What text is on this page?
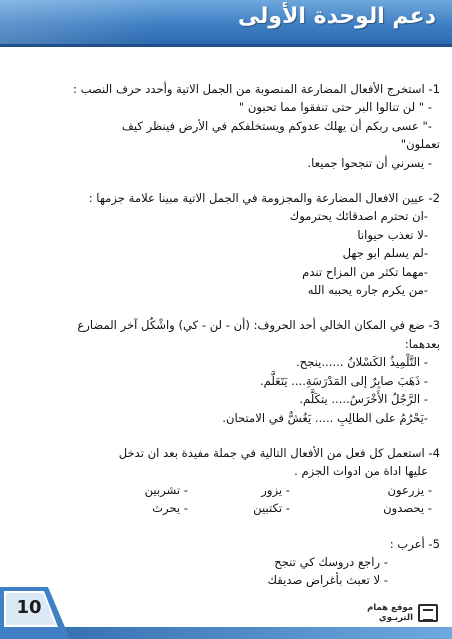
دعم الوحدة الأولى
1- استخرج الأفعال المضارعة المنصوبة من الجمل الاتية وأحدد حرف النصب :
- " لن تنالوا البر حتى تنفقوا مما تحبون "
-" عسى ربكم أن يهلك عدوكم ويستخلفكم في الأرض فينظر كيف
تعملون"
- يسرني أن تنجحوا جميعا.
2- عيين الافعال المضارعة والمجزومة في الجمل الاتية مبينا علامة جزمها :
-ان تحترم اصدقائك يحترموك
-لا تعذب حيوانا
-لم يسلم ابو جهل
-مهما تكثر من المزاح تندم
-من يكرم جاره يحببه الله
3- ضع في المكان الخالي أحد الحروف: (أن - لن - كي) واشْكُل آخر المضارع
بعدهما:
- التَّلْمِيذُ الكَسْلانُ ......ينجح.
- ذَهَبَ صابِرٌ إلى المَدْرَسَةِ.... يَتَعَلَّم.
- الرَّجُلُ الأَخْرَسُ..... يتكَلَّم.
-يَحْرُمُ على الطالِبِ ..... يَغُشُّ في الامتحان.
4- استعمل كل فعل من الأفعال التالية في جملة مفيدة بعد ان تدخل
عليها اداة من ادوات الجزم .
- يزرعون
- يزور
- تشربين
- يحصدون
- تكتبين
- يحرث
5- أعرب :
- راجع دروسك كي تنجح
- لا تعبث بأغراض صديقك
10	موقع همام
التربـوي
